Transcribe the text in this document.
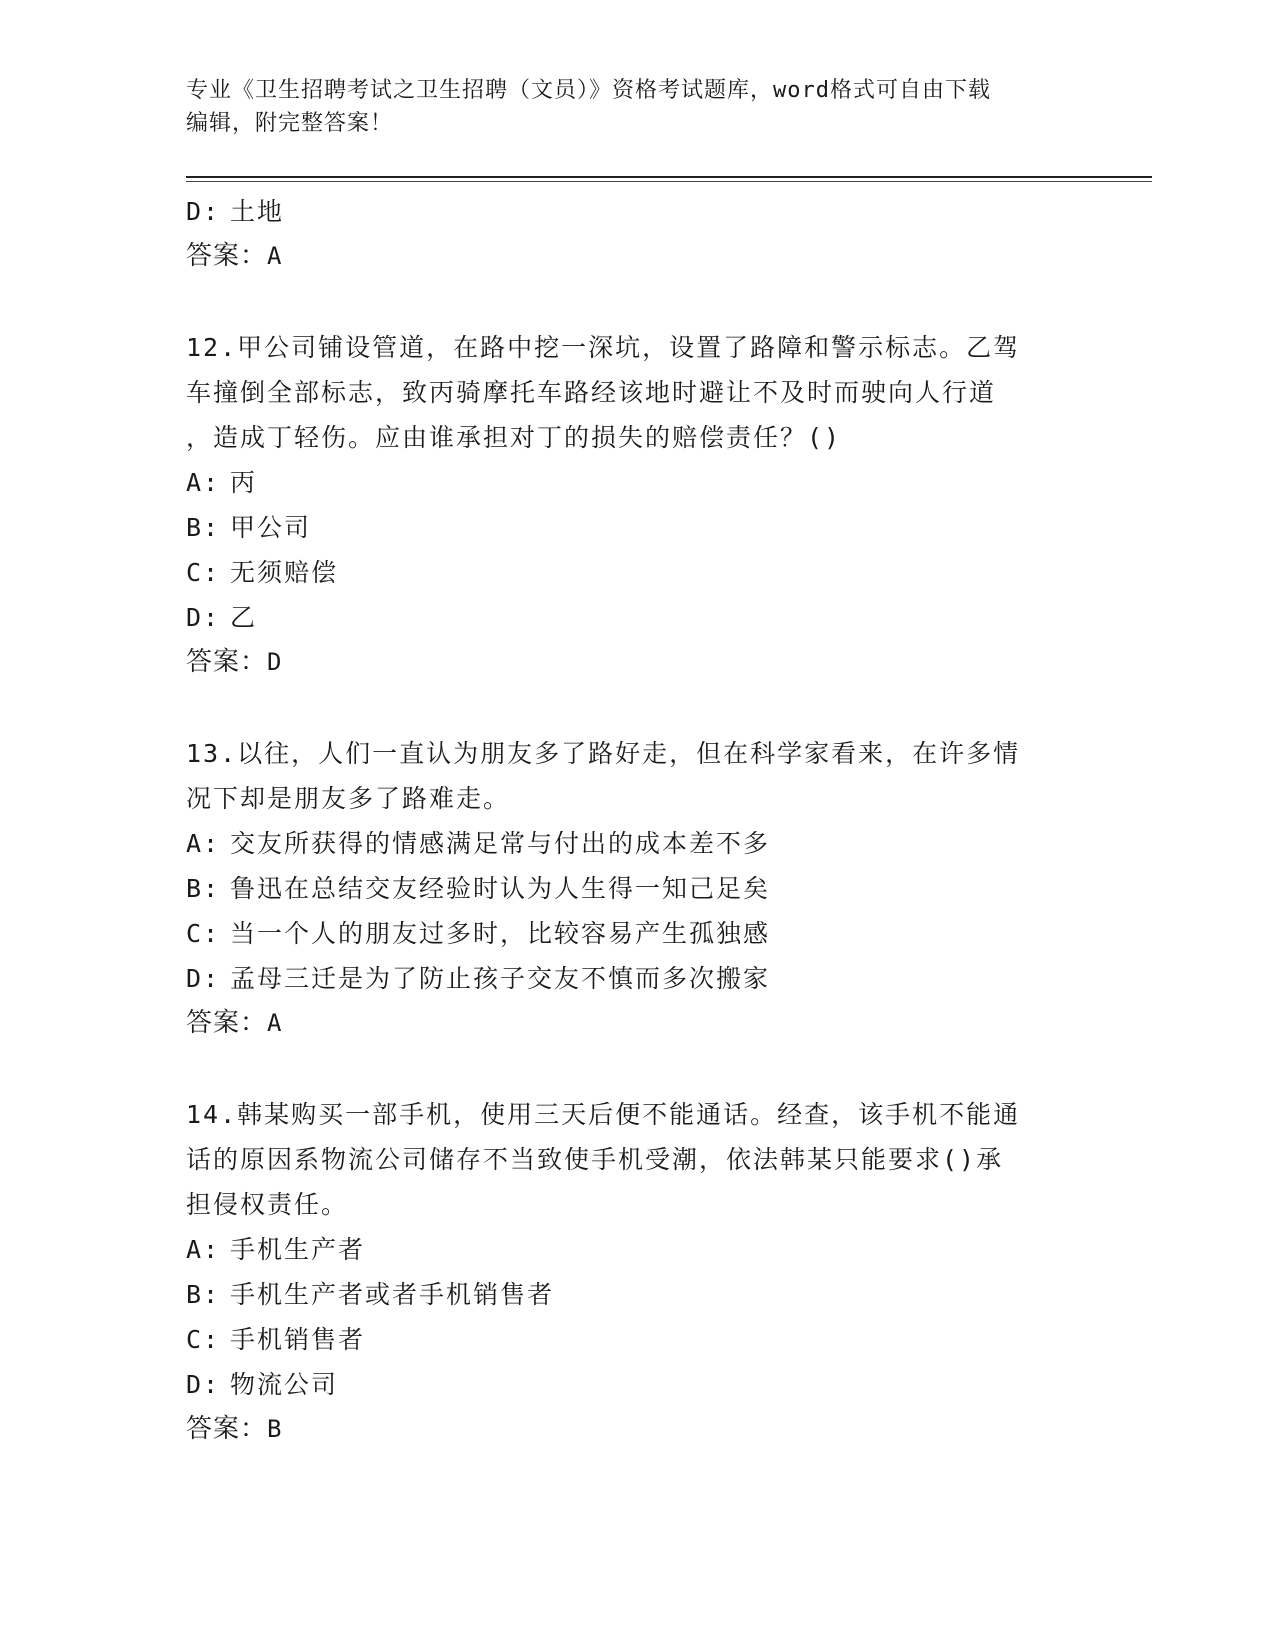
专业《卫生招聘考试之卫生招聘（文员）》资格考试题库，word格式可自由下载
编辑，附完整答案！
D: 土地
答案：A
12.甲公司铺设管道，在路中挖一深坑，设置了路障和警示标志。乙驾
车撞倒全部标志，致丙骑摩托车路经该地时避让不及时而驶向人行道
，造成丁轻伤。应由谁承担对丁的损失的赔偿责任？()
A: 丙
B: 甲公司
C: 无须赔偿
D: 乙
答案：D
13.以往，人们一直认为朋友多了路好走，但在科学家看来，在许多情
况下却是朋友多了路难走。
A: 交友所获得的情感满足常与付出的成本差不多
B: 鲁迅在总结交友经验时认为人生得一知己足矣
C: 当一个人的朋友过多时，比较容易产生孤独感
D: 孟母三迁是为了防止孩子交友不慎而多次搬家
答案：A
14.韩某购买一部手机，使用三天后便不能通话。经查，该手机不能通
话的原因系物流公司储存不当致使手机受潮，依法韩某只能要求()承
担侵权责任。
A: 手机生产者
B: 手机生产者或者手机销售者
C: 手机销售者
D: 物流公司
答案：B
